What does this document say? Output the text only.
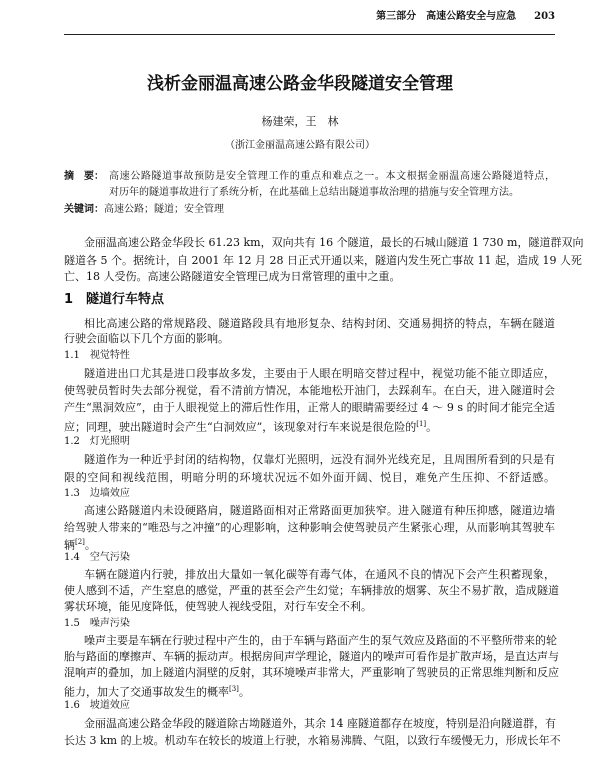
第三部分　高速公路安全与应急 203
浅析金丽温高速公路金华段隧道安全管理
杨建荣，王　林
（浙江金丽温高速公路有限公司）
摘　要： 高速公路隧道事故预防是安全管理工作的重点和难点之一。本文根据金丽温高速公路隧道特点，
对历年的隧道事故进行了系统分析，在此基础上总结出隧道事故治理的措施与安全管理方法。
关键词：高速公路；隧道；安全管理
金丽温高速公路金华段长 61.23 km，双向共有 16 个隧道，最长的石城山隧道 1 730 m，隧道群双向
隧道各 5 个。据统计，自 2001 年 12 月 28 日正式开通以来，隧道内发生死亡事故 11 起，造成 19 人死
亡、18 人受伤。高速公路隧道安全管理已成为日常管理的重中之重。
1　隧道行车特点
相比高速公路的常规路段、隧道路段具有地形复杂、结构封闭、交通易拥挤的特点，车辆在隧道
行驶会面临以下几个方面的影响。
1.1　视觉特性
隧道进出口尤其是进口段事故多发，主要由于人眼在明暗交替过程中，视觉功能不能立即适应，
使驾驶员暂时失去部分视觉，看不清前方情况，本能地松开油门，去踩刹车。在白天，进入隧道时会
产生“黑洞效应”，由于人眼视觉上的滞后性作用，正常人的眼睛需要经过 4 ～ 9 s 的时间才能完全适
应；同理，驶出隧道时会产生“白洞效应”，该现象对行车来说是很危险的[1]。
1.2　灯光照明
隧道作为一种近乎封闭的结构物，仅靠灯光照明，远没有洞外光线充足，且周围所看到的只是有
限的空间和视线范围，明暗分明的环境状况远不如外面开阔、悦目，难免产生压抑、不舒适感。
1.3　边墙效应
高速公路隧道内未设硬路肩，隧道路面相对正常路面更加狭窄。进入隧道有种压抑感，隧道边墙
给驾驶人带来的“唯恐与之冲撞”的心理影响，这种影响会使驾驶员产生紧张心理，从而影响其驾驶车
辆[2]。
1.4　空气污染
车辆在隧道内行驶，排放出大量如一氧化碳等有毒气体，在通风不良的情况下会产生积蓄现象，
使人感到不适，产生窒息的感觉，严重的甚至会产生幻觉；车辆排放的烟雾、灰尘不易扩散，造成隧道
雾状环境，能见度降低，使驾驶人视线受阻，对行车安全不利。
1.5　噪声污染
噪声主要是车辆在行驶过程中产生的，由于车辆与路面产生的泵气效应及路面的不平整所带来的轮
胎与路面的摩擦声、车辆的振动声。根据房间声学理论，隧道内的噪声可看作是扩散声场，是直达声与
混响声的叠加，加上隧道内洞壁的反射，其环境噪声非常大，严重影响了驾驶员的正常思维判断和反应
能力，加大了交通事故发生的概率[3]。
1.6　坡道效应
金丽温高速公路金华段的隧道除古坳隧道外，其余 14 座隧道都存在坡度，特别是沿向隧道群，有
长达 3 km 的上坡。机动车在较长的坡道上行驶，水箱易沸腾、气阻，以致行车缓慢无力，形成长年不
